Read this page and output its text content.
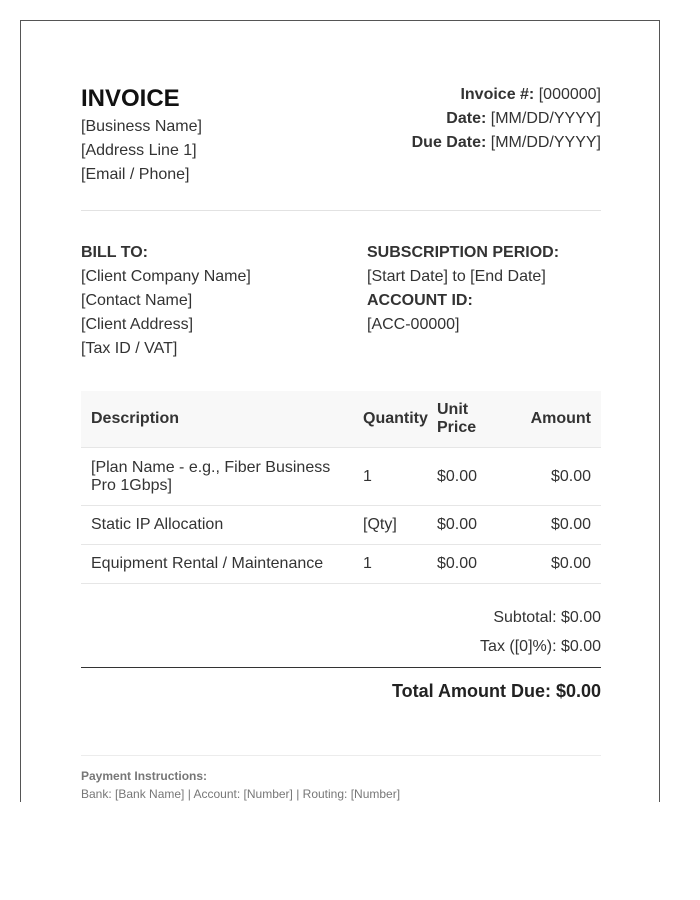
INVOICE
[Business Name]
[Address Line 1]
[Email / Phone]
Invoice #: [000000]
Date: [MM/DD/YYYY]
Due Date: [MM/DD/YYYY]
BILL TO:
[Client Company Name]
[Contact Name]
[Client Address]
[Tax ID / VAT]
SUBSCRIPTION PERIOD:
[Start Date] to [End Date]
ACCOUNT ID:
[ACC-00000]
Description	Quantity	Unit Price	Amount
[Plan Name - e.g., Fiber Business Pro 1Gbps]	1	$0.00	$0.00
Static IP Allocation	[Qty]	$0.00	$0.00
Equipment Rental / Maintenance	1	$0.00	$0.00
Subtotal: $0.00
Tax ([0]%): $0.00
Total Amount Due: $0.00
Payment Instructions:
Bank: [Bank Name] | Account: [Number] | Routing: [Number]
